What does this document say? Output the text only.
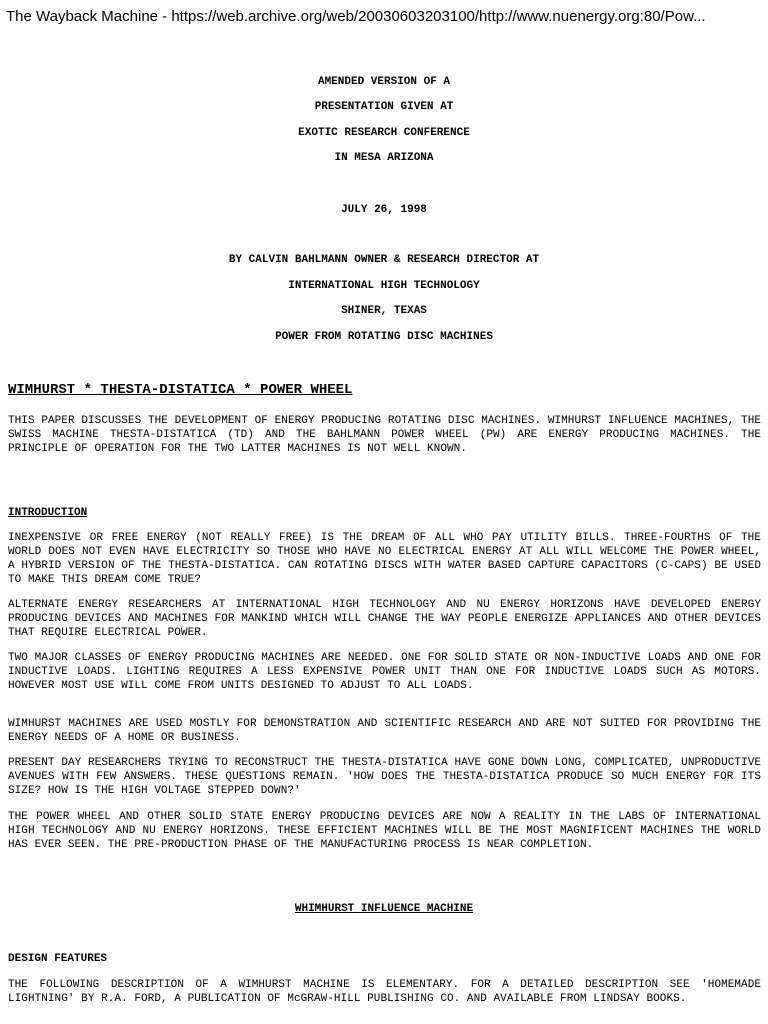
The Wayback Machine - https://web.archive.org/web/20030603203100/http://www.nuenergy.org:80/Pow...
AMENDED VERSION OF A
PRESENTATION GIVEN AT
EXOTIC RESEARCH CONFERENCE
IN MESA ARIZONA
JULY 26, 1998
BY CALVIN BAHLMANN OWNER & RESEARCH DIRECTOR AT
INTERNATIONAL HIGH TECHNOLOGY
SHINER, TEXAS
POWER FROM ROTATING DISC MACHINES
WIMHURST * THESTA-DISTATICA * POWER WHEEL

THIS PAPER DISCUSSES THE DEVELOPMENT OF ENERGY PRODUCING ROTATING DISC MACHINES. WIMHURST INFLUENCE MACHINES, THE SWISS MACHINE THESTA-DISTATICA (TD) AND THE BAHLMANN POWER WHEEL (PW) ARE ENERGY PRODUCING MACHINES. THE PRINCIPLE OF OPERATION FOR THE TWO LATTER MACHINES IS NOT WELL KNOWN.

INTRODUCTION

INEXPENSIVE OR FREE ENERGY (NOT REALLY FREE) IS THE DREAM OF ALL WHO PAY UTILITY BILLS. THREE-FOURTHS OF THE WORLD DOES NOT EVEN HAVE ELECTRICITY SO THOSE WHO HAVE NO ELECTRICAL ENERGY AT ALL WILL WELCOME THE POWER WHEEL, A HYBRID VERSION OF THE THESTA-DISTATICA. CAN ROTATING DISCS WITH WATER BASED CAPTURE CAPACITORS (C-CAPS) BE USED TO MAKE THIS DREAM COME TRUE?

ALTERNATE ENERGY RESEARCHERS AT INTERNATIONAL HIGH TECHNOLOGY AND NU ENERGY HORIZONS HAVE DEVELOPED ENERGY PRODUCING DEVICES AND MACHINES FOR MANKIND WHICH WILL CHANGE THE WAY PEOPLE ENERGIZE APPLIANCES AND OTHER DEVICES THAT REQUIRE ELECTRICAL POWER.

TWO MAJOR CLASSES OF ENERGY PRODUCING MACHINES ARE NEEDED. ONE FOR SOLID STATE OR NON-INDUCTIVE LOADS AND ONE FOR INDUCTIVE LOADS. LIGHTING REQUIRES A LESS EXPENSIVE POWER UNIT THAN ONE FOR INDUCTIVE LOADS SUCH AS MOTORS. HOWEVER MOST USE WILL COME FROM UNITS DESIGNED TO ADJUST TO ALL LOADS.

WIMHURST MACHINES ARE USED MOSTLY FOR DEMONSTRATION AND SCIENTIFIC RESEARCH AND ARE NOT SUITED FOR PROVIDING THE ENERGY NEEDS OF A HOME OR BUSINESS.

PRESENT DAY RESEARCHERS TRYING TO RECONSTRUCT THE THESTA-DISTATICA HAVE GONE DOWN LONG, COMPLICATED, UNPRODUCTIVE AVENUES WITH FEW ANSWERS. THESE QUESTIONS REMAIN. 'HOW DOES THE THESTA-DISTATICA PRODUCE SO MUCH ENERGY FOR ITS SIZE? HOW IS THE HIGH VOLTAGE STEPPED DOWN?'

THE POWER WHEEL AND OTHER SOLID STATE ENERGY PRODUCING DEVICES ARE NOW A REALITY IN THE LABS OF INTERNATIONAL HIGH TECHNOLOGY AND NU ENERGY HORIZONS. THESE EFFICIENT MACHINES WILL BE THE MOST MAGNIFICENT MACHINES THE WORLD HAS EVER SEEN. THE PRE-PRODUCTION PHASE OF THE MANUFACTURING PROCESS IS NEAR COMPLETION.

WHIMHURST INFLUENCE MACHINE
DESIGN FEATURES

THE FOLLOWING DESCRIPTION OF A WIMHURST MACHINE IS ELEMENTARY. FOR A DETAILED DESCRIPTION SEE 'HOMEMADE LIGHTNING' BY R.A. FORD, A PUBLICATION OF McGRAW-HILL PUBLISHING CO. AND AVAILABLE FROM LINDSAY BOOKS.
